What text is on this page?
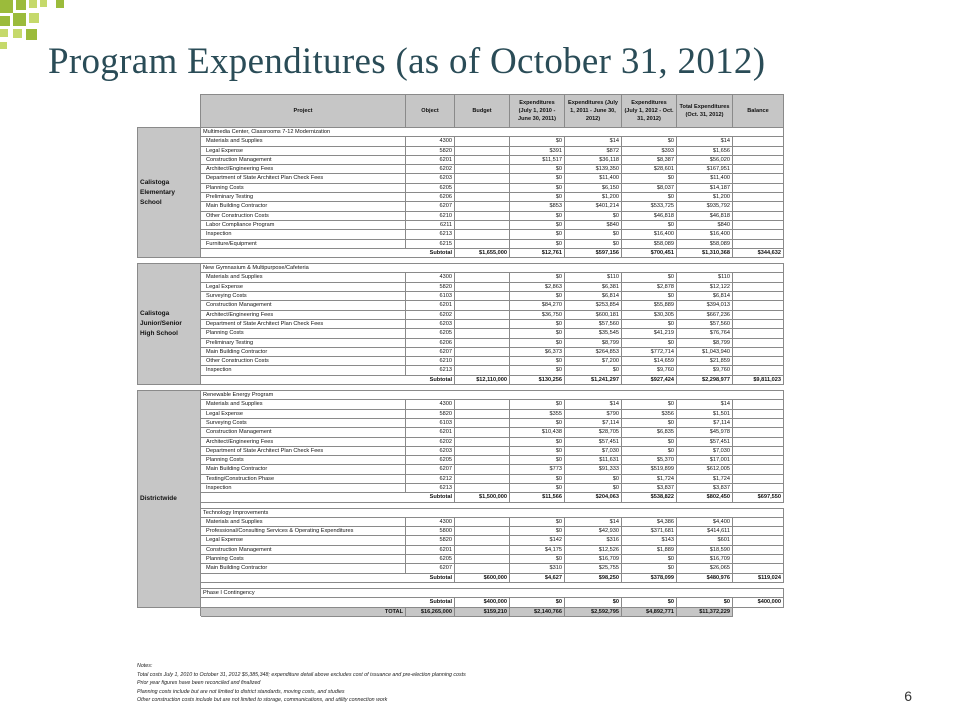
Program Expenditures (as of October 31, 2012)
	Project	Object	Budget	Expenditures (July 1, 2010 - June 30, 2011)	Expenditures (July 1, 2011 - June 30, 2012)	Expenditures (July 1, 2012 - Oct. 31, 2012)	Total Expenditures (Oct. 31, 2012)	Balance
Calistoga Elementary School	Multimedia Center, Classrooms 7-12 Modernization							
	Materials and Supplies	4300		$0	$14	$0	$14	
	Legal Expense	5820		$391	$872	$393	$1,656	
	Construction Management	6201		$11,517	$36,118	$8,387	$56,020	
	Architect/Engineering Fees	6202		$0	$139,350	$28,601	$167,951	
	Department of State Architect Plan Check Fees	6203		$0	$11,400	$0	$11,400	
	Planning Costs	6205		$0	$6,150	$8,037	$14,187	
	Preliminary Testing	6206		$0	$1,200	$0	$1,200	
	Main Building Contractor	6207		$853	$401,214	$533,725	$935,792	
	Other Construction Costs	6210		$0	$0	$46,818	$46,818	
	Labor Compliance Program	6211		$0	$840	$0	$840	
	Inspection	6213		$0	$0	$16,400	$16,400	
	Furniture/Equipment	6215		$0	$0	$58,089	$58,089	
	Subtotal		$1,655,000	$12,761	$597,156	$700,451	$1,310,368	$344,632

Calistoga Junior/Senior High School	New Gymnasium & Multipurpose/Cafeteria							
	Materials and Supplies	4300		$0	$110	$0	$110	
	Legal Expense	5820		$2,863	$6,381	$2,878	$12,122	
	Surveying Costs	6103		$0	$6,814	$0	$6,814	
	Construction Management	6201		$84,270	$253,854	$55,889	$394,013	
	Architect/Engineering Fees	6202		$36,750	$600,181	$30,305	$667,236	
	Department of State Architect Plan Check Fees	6203		$0	$57,560	$0	$57,560	
	Planning Costs	6205		$0	$35,545	$41,219	$76,764	
	Preliminary Testing	6206		$0	$8,799	$0	$8,799	
	Main Building Contractor	6207		$6,373	$264,853	$772,714	$1,043,940	
	Other Construction Costs	6210		$0	$7,200	$14,659	$21,859	
	Inspection	6213		$0	$0	$9,760	$9,760	
	Subtotal		$12,110,000	$130,256	$1,241,297	$927,424	$2,298,977	$9,811,023

Districtwide	Renewable Energy Program							
	Materials and Supplies	4300		$0	$14	$0	$14	
	Legal Expense	5820		$355	$790	$356	$1,501	
	Surveying Costs	6103		$0	$7,114	$0	$7,114	
	Construction Management	6201		$10,438	$28,705	$6,835	$45,978	
	Architect/Engineering Fees	6202		$0	$57,451	$0	$57,451	
	Department of State Architect Plan Check Fees	6203		$0	$7,030	$0	$7,030	
	Planning Costs	6205		$0	$11,631	$5,370	$17,001	
	Main Building Contractor	6207		$773	$91,333	$519,899	$612,005	
	Testing/Construction Phase	6212		$0	$0	$1,724	$1,724	
	Inspection	6213		$0	$0	$3,837	$3,837	
	Subtotal		$1,500,000	$11,566	$204,063	$538,822	$802,450	$697,550

	Technology Improvements							
	Materials and Supplies	4300		$0	$14	$4,386	$4,400	
	Professional/Consulting Services & Operating Expenditures	5800		$0	$42,930	$371,681	$414,611	
	Legal Expense	5820		$142	$316	$143	$601	
	Construction Management	6201		$4,175	$12,526	$1,889	$18,590	
	Planning Costs	6205		$0	$16,709	$0	$16,709	
	Main Building Contractor	6207		$310	$25,755	$0	$26,065	
	Subtotal		$600,000	$4,627	$98,250	$378,099	$480,976	$119,024

	Phase I Contingency							
	Subtotal		$400,000	$0	$0	$0	$0	$400,000
	TOTAL	$16,265,000	$159,210	$2,140,766	$2,592,795	$4,892,771	$11,372,229	
Notes:
Total costs July 1, 2010 to October 31, 2012 $5,385,348; expenditure detail above excludes cost of issuance and pre-election planning costs
Prior year figures have been reconciled and finalized
Planning costs include but are not limited to district standards, moving costs, and studies
Other construction costs include but are not limited to storage, communications, and utility connection work	6
